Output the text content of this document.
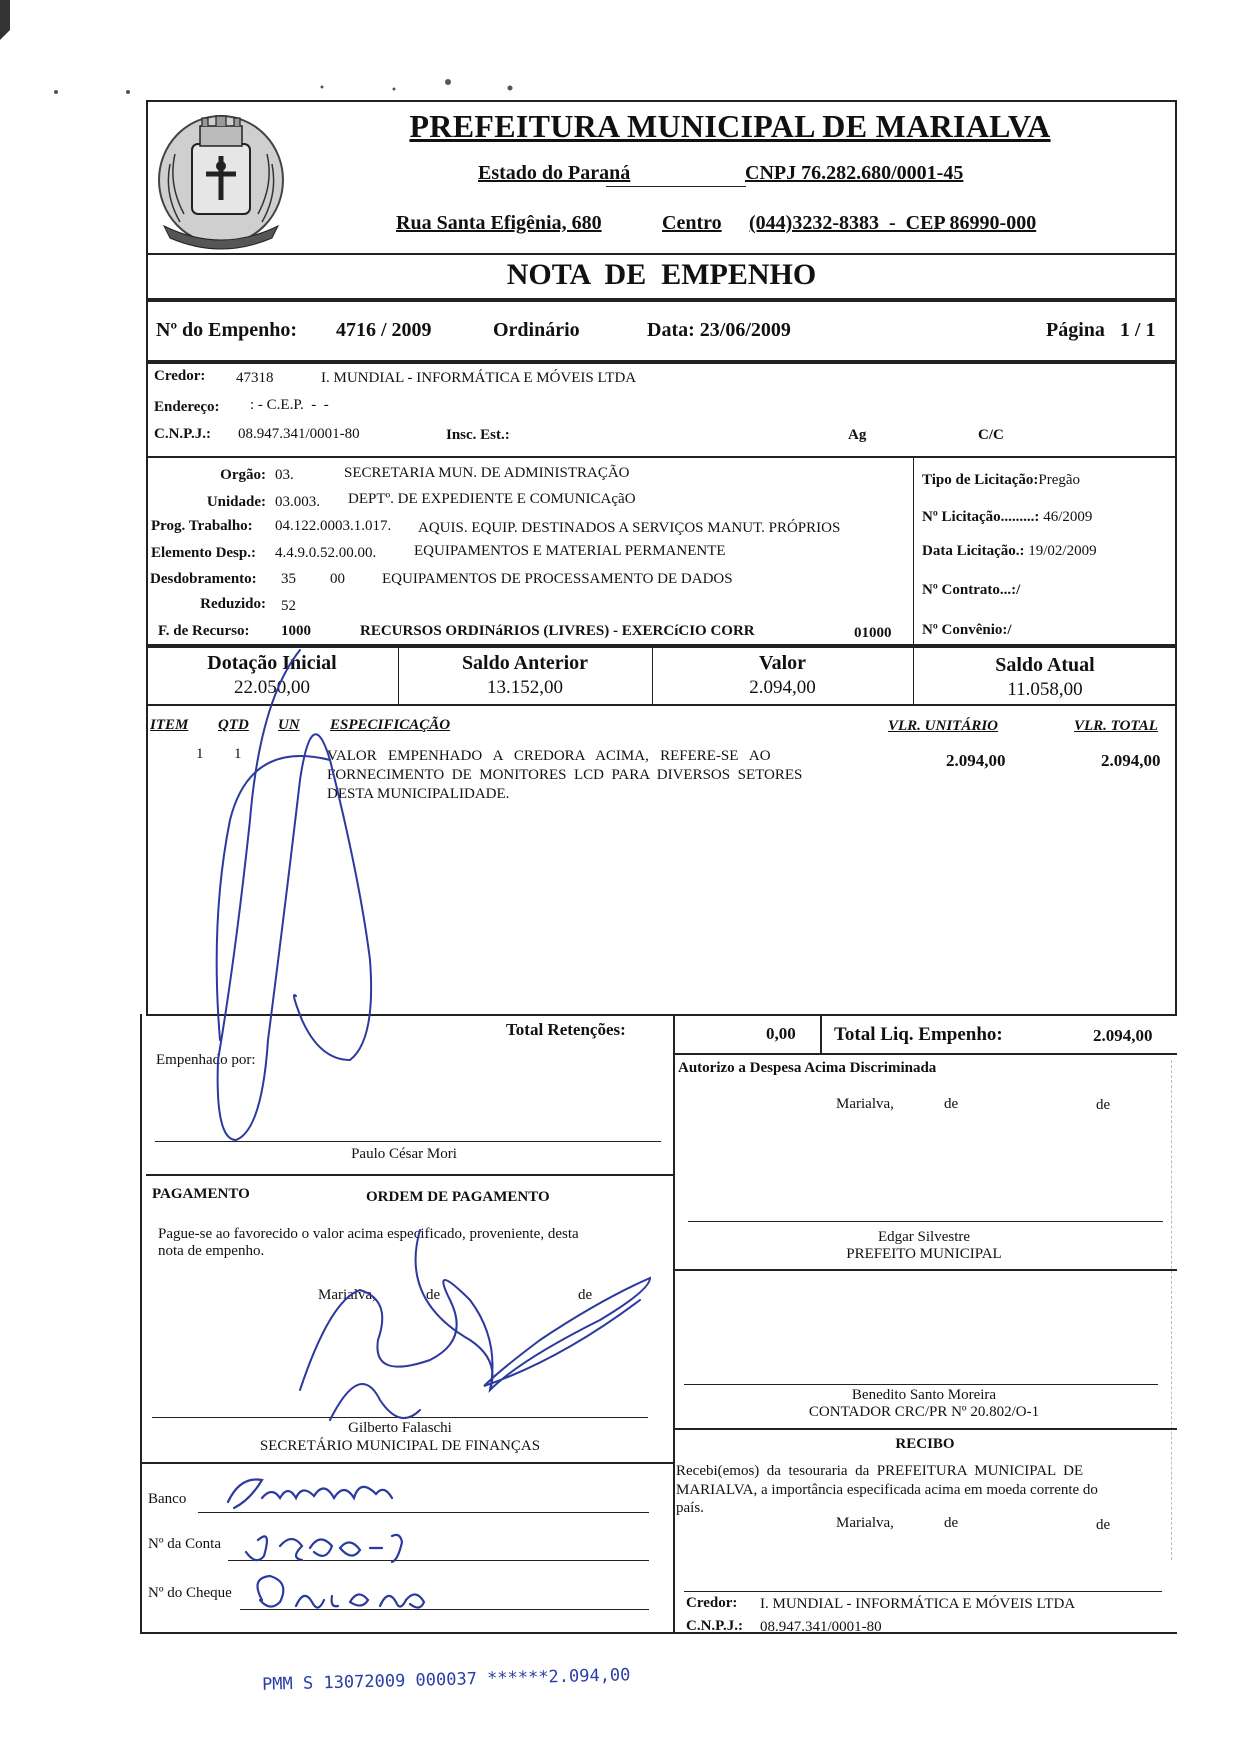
PREFEITURA MUNICIPAL DE MARIALVA
Estado do Paraná	CNPJ 76.282.680/0001-45
Rua Santa Efigênia, 680	Centro (044)3232-8383  -  CEP 86990-000
NOTA  DE  EMPENHO
Nº do Empenho: 4716 / 2009	Ordinário	Data: 23/06/2009	Página   1 / 1
Credor: 47318	I. MUNDIAL - INFORMÁTICA E MÓVEIS LTDA
Endereço: : - C.E.P.  -  -
C.N.P.J.: 08.947.341/0001-80	Insc. Est.:	Ag	C/C
Orgão: 03.	SECRETARIA MUN. DE ADMINISTRAÇÃO
Unidade: 03.003. DEPTº. DE EXPEDIENTE E COMUNICAçãO
Prog. Trabalho: 04.122.0003.1.017. AQUIS. EQUIP. DESTINADOS A SERVIÇOS MANUT. PRÓPRIOS
Elemento Desp.: 4.4.9.0.52.00.00.	EQUIPAMENTOS E MATERIAL PERMANENTE
Desdobramento: 35 00 EQUIPAMENTOS DE PROCESSAMENTO DE DADOS
Reduzido: 52
F. de Recurso: 1000	RECURSOS ORDINáRIOS (LIVRES) - EXERCíCIO CORR	01000
Tipo de Licitação:Pregão
Nº Licitação.........: 46/2009
Data Licitação.: 19/02/2009
Nº Contrato...:/
Nº Convênio:/
Dotação Inicial
22.050,00
Saldo Anterior
13.152,00
Valor
2.094,00
Saldo Atual
11.058,00
ITEM QTD UN ESPECIFICAÇÃO	VLR. UNITÁRIO	VLR. TOTAL
1 1	VALOR   EMPENHADO   A   CREDORA   ACIMA,   REFERE-SE   AO
FORNECIMENTO  DE  MONITORES  LCD  PARA  DIVERSOS  SETORES
DESTA MUNICIPALIDADE.
2.094,00	2.094,00
Total Retenções:	0,00 Total Liq. Empenho:	2.094,00
Empenhado por:
Paulo César Mori
Autorizo a Despesa Acima Discriminada
Marialva,	de	de
Edgar Silvestre
PREFEITO MUNICIPAL
PAGAMENTO	ORDEM DE PAGAMENTO
Pague-se ao favorecido o valor acima especificado, proveniente, desta
nota de empenho.
Marialva,	de	de
Gilberto Falaschi
SECRETÁRIO MUNICIPAL DE FINANÇAS
Benedito Santo Moreira
CONTADOR CRC/PR Nº 20.802/O-1
Banco
Nº da Conta
Nº do Cheque
RECIBO
Recebi(emos)  da  tesouraria  da  PREFEITURA  MUNICIPAL  DE
MARIALVA, a importância especificada acima em moeda corrente do
país.
Marialva,	de	de
Credor: I. MUNDIAL - INFORMÁTICA E MÓVEIS LTDA
C.N.P.J.: 08.947.341/0001-80
PMM S 13072009 000037 ******2.094,00
